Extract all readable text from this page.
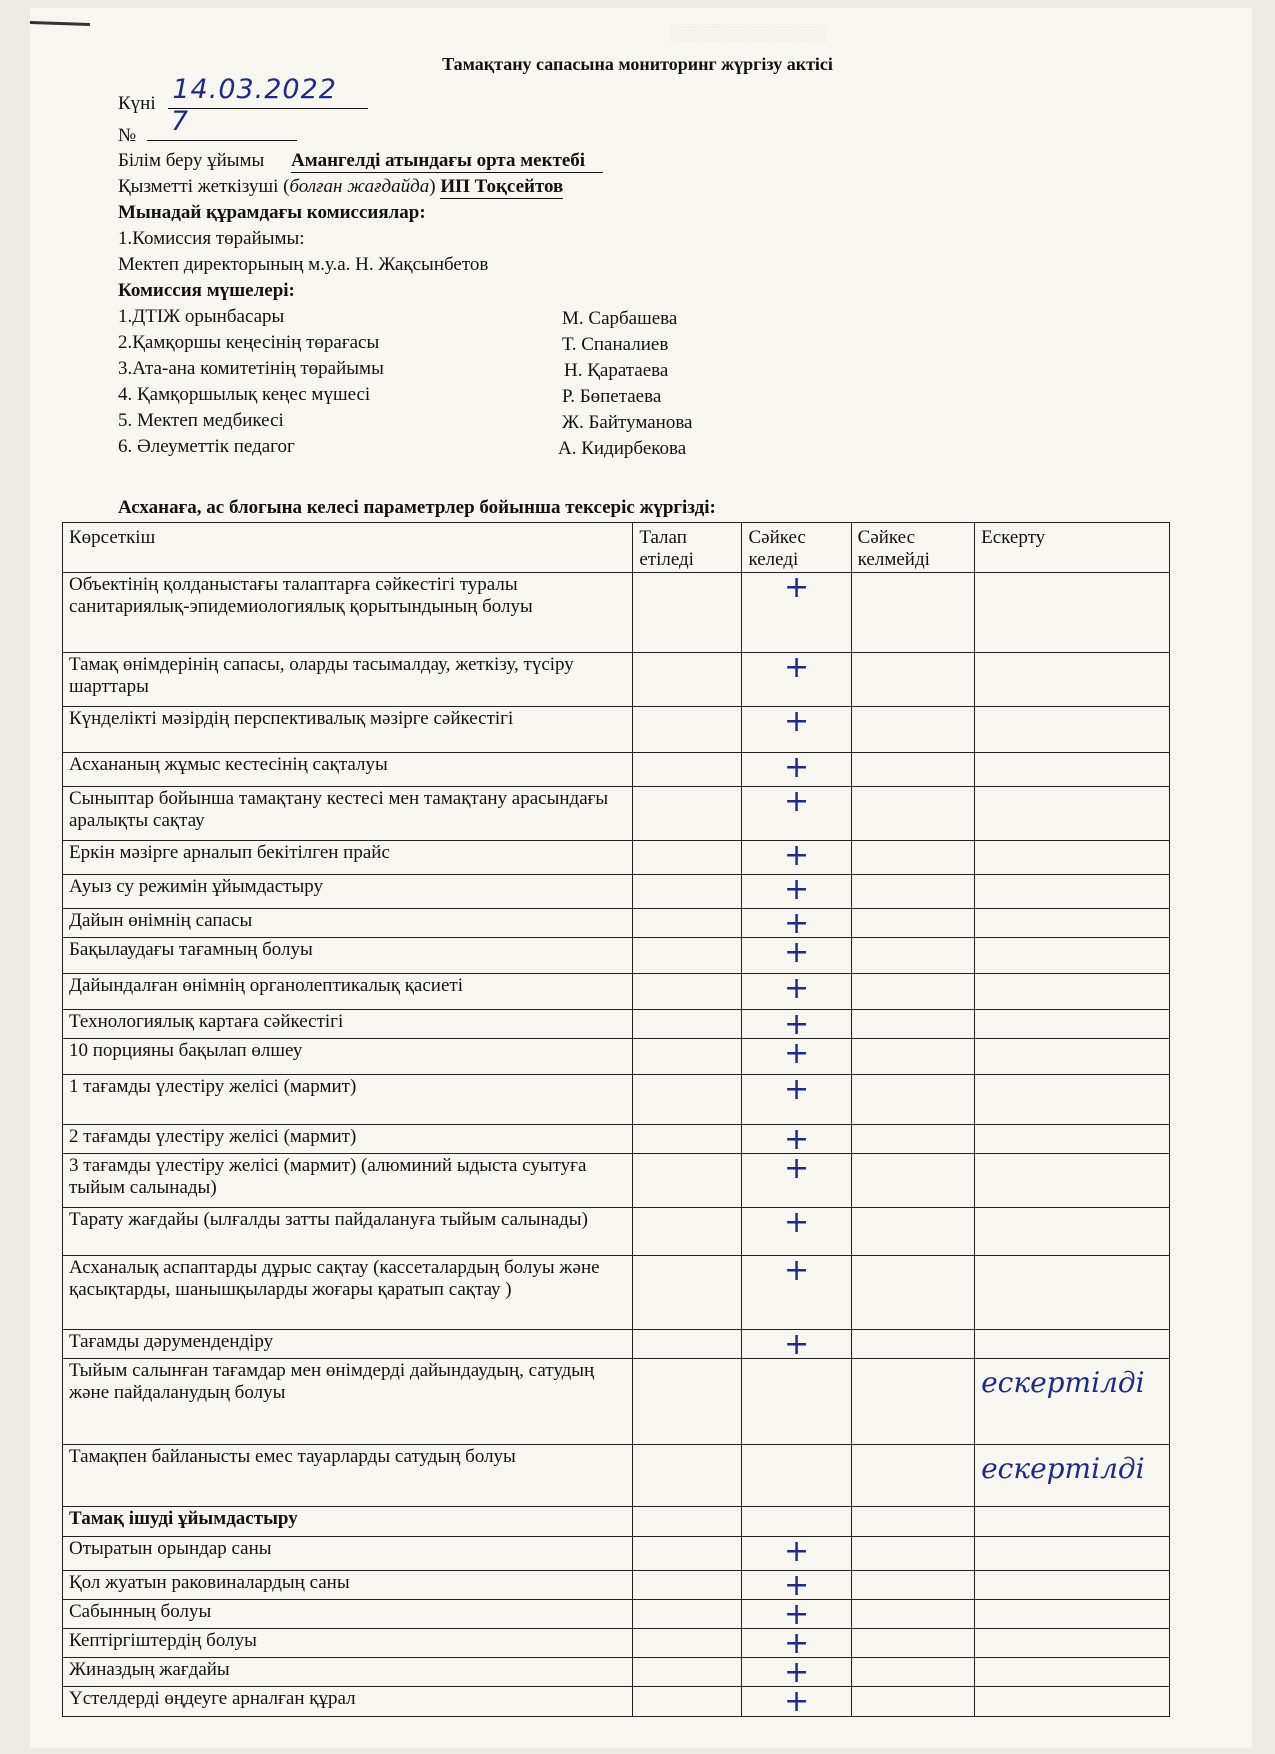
░░░░░░░░░░░░░
Тамақтану сапасына мониторинг жүргізу актісі
Күні 14.03.2022
№ 7
Білім беру ұйымы Амангелді атындағы орта мектебі
Қызметті жеткізуші (болған жағдайда) ИП Тоқсейтов
Мынадай құрамдағы комиссиялар:
1.Комиссия төрайымы:
Мектеп директорының м.у.а. Н. Жақсынбетов
Комиссия мүшелері:
1.ДТІЖ орынбасары	М. Сарбашева
2.Қамқоршы кеңесінің төрағасы	Т. Спаналиев
3.Ата-ана комитетінің төрайымы	Н. Қаратаева
4. Қамқоршылық кеңес мүшесі	Р. Бөпетаева
5. Мектеп медбикесі	Ж. Байтуманова
6. Әлеуметтік педагог	А. Кидирбекова
Асханаға, ас блогына келесі параметрлер бойынша тексеріс жүргізді:
Көрсеткіш	Талап етіледі	Сәйкес келеді	Сәйкес келмейді	Ескерту
Объектінің қолданыстағы талаптарға сәйкестігі туралы санитариялық-эпидемиологиялық қорытындының болуы		+		

Тамақ өнімдерінің сапасы, оларды тасымалдау, жеткізу, түсіру шарттары		+		

Күнделікті мәзірдің перспективалық мәзірге сәйкестігі		+		

Асхананың жұмыс кестесінің сақталуы		+		

Сыныптар бойынша тамақтану кестесі мен тамақтану арасындағы аралықты сақтау		+		

Еркін мәзірге арналып бекітілген прайс		+		

Ауыз су режимін ұйымдастыру		+		

Дайын өнімнің сапасы		+		

Бақылаудағы тағамның болуы		+		

Дайындалған өнімнің органолептикалық қасиеті		+		

Технологиялық картаға сәйкестігі		+		

10 порцияны бақылап өлшеу		+		

1 тағамды үлестіру желісі (мармит)		+		

2 тағамды үлестіру желісі (мармит)		+		

3 тағамды үлестіру желісі (мармит) (алюминий ыдыста суытуға тыйым салынады)		+		

Тарату жағдайы (ылғалды затты пайдалануға тыйым салынады)		+		

Асханалық аспаптарды дұрыс сақтау (кассеталардың болуы және қасықтарды, шанышқыларды жоғары қаратып сақтау )		+		

Тағамды дәрумендендіру		+		

Тыйым салынған тағамдар мен өнімдерді дайындаудың, сатудың және пайдаланудың болуы				ескертілді

Тамақпен байланысты емес тауарларды сатудың болуы				ескертілді

Тамақ ішуді ұйымдастыру		

Отыратын орындар саны		+		

Қол жуатын раковиналардың саны		+		

Сабынның болуы		+		

Кептіргіштердің болуы		+		

Жиназдың жағдайы		+		

Үстелдерді өңдеуге арналған құрал		+		
